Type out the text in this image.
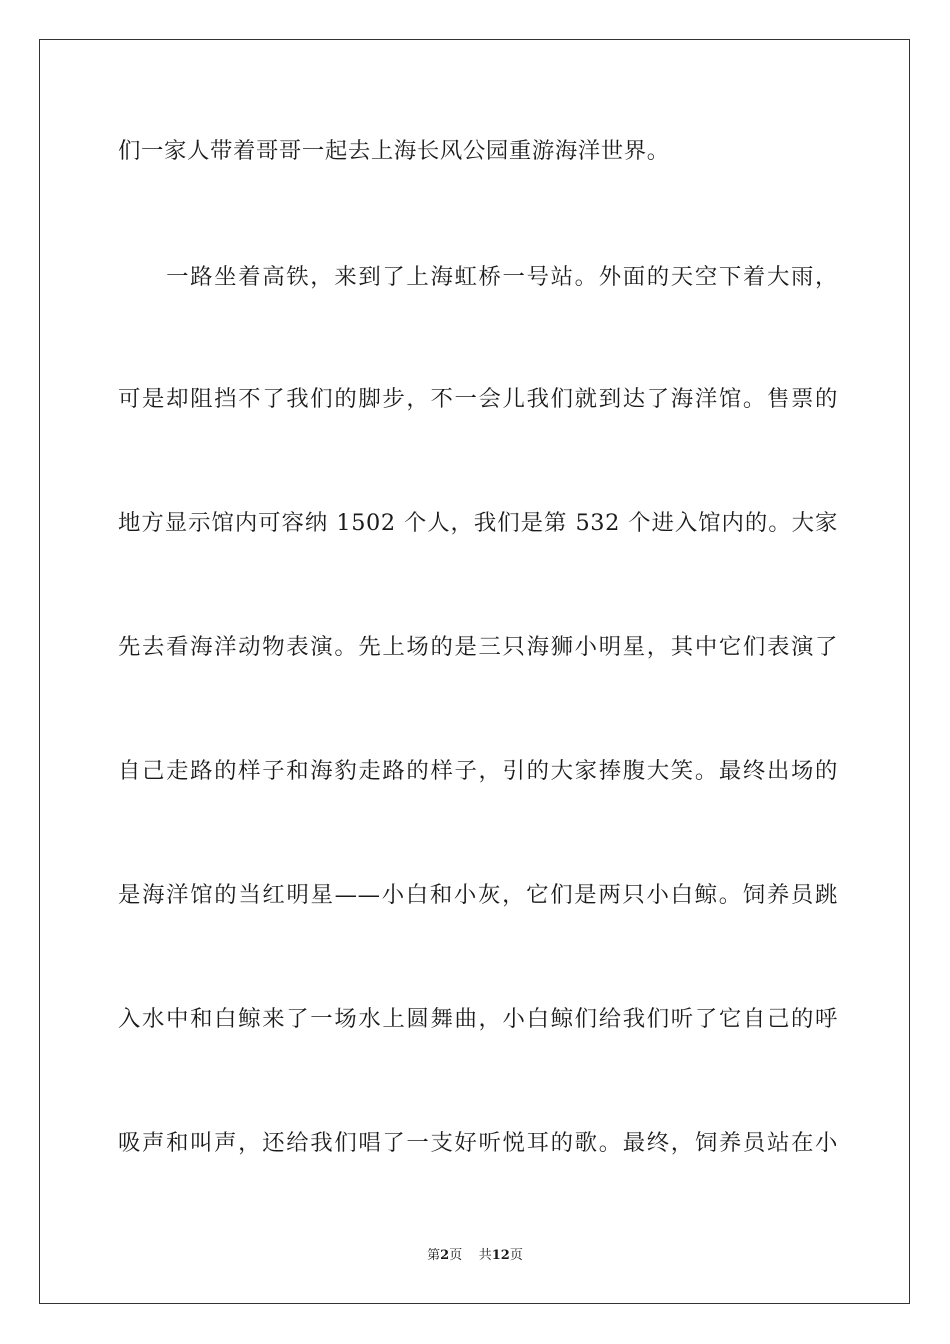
们一家人带着哥哥一起去上海长风公园重游海洋世界。
　　一路坐着高铁，来到了上海虹桥一号站。外面的天空下着大雨，
可是却阻挡不了我们的脚步，不一会儿我们就到达了海洋馆。售票的
地方显示馆内可容纳 1502 个人，我们是第 532 个进入馆内的。大家
先去看海洋动物表演。先上场的是三只海狮小明星，其中它们表演了
自己走路的样子和海豹走路的样子，引的大家捧腹大笑。最终出场的
是海洋馆的当红明星——小白和小灰，它们是两只小白鲸。饲养员跳
入水中和白鲸来了一场水上圆舞曲，小白鲸们给我们听了它自己的呼
吸声和叫声，还给我们唱了一支好听悦耳的歌。最终，饲养员站在小
第2页 共12页
